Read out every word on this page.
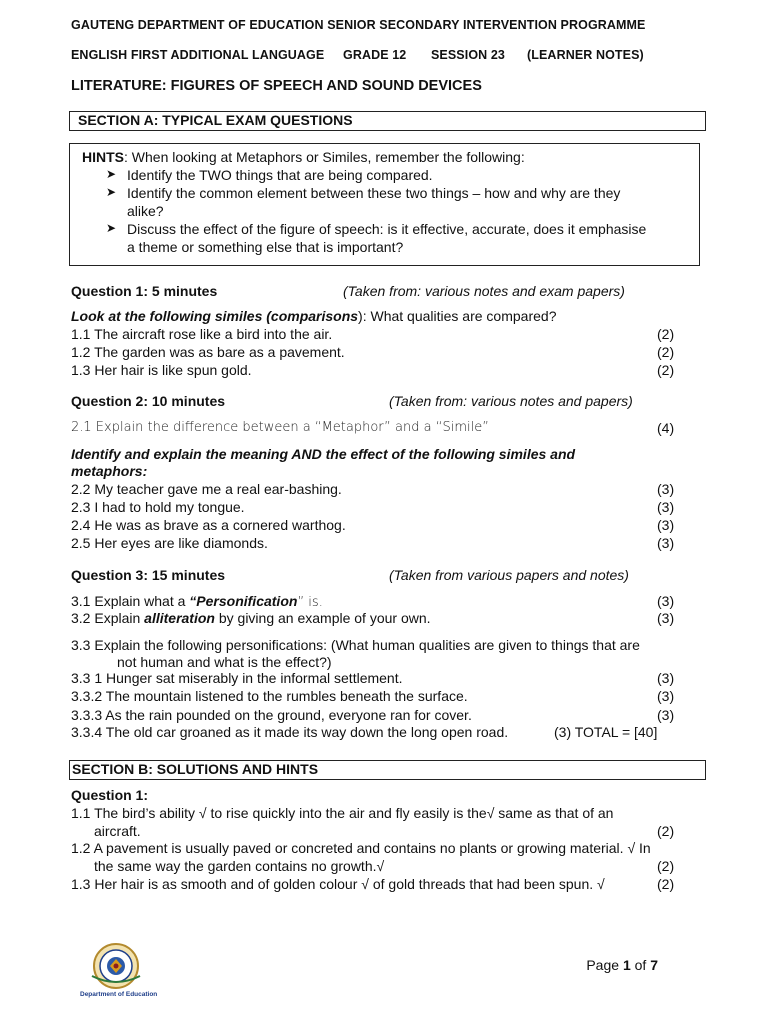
GAUTENG DEPARTMENT OF EDUCATION SENIOR SECONDARY INTERVENTION PROGRAMME
ENGLISH FIRST ADDITIONAL LANGUAGE GRADE 12 SESSION 23 (LEARNER NOTES)
LITERATURE: FIGURES OF SPEECH AND SOUND DEVICES
SECTION A: TYPICAL EXAM QUESTIONS
HINTS: When looking at Metaphors or Similes, remember the following:
➤ Identify the TWO things that are being compared.
➤ Identify the common element between these two things – how and why are they
alike?
➤ Discuss the effect of the figure of speech: is it effective, accurate, does it emphasise
a theme or something else that is important?
Question 1: 5 minutes	(Taken from: various notes and exam papers)
Look at the following similes (comparisons): What qualities are compared?
1.1 The aircraft rose like a bird into the air.	(2)
1.2 The garden was as bare as a pavement.	(2)
1.3 Her hair is like spun gold.	(2)
Question 2: 10 minutes	(Taken from: various notes and papers)
2.1 Explain the difference between a “Metaphor” and a “Simile”	(4)
Identify and explain the meaning AND the effect of the following similes and
metaphors:
2.2 My teacher gave me a real ear-bashing.	(3)
2.3 I had to hold my tongue.	(3)
2.4 He was as brave as a cornered warthog.	(3)
2.5 Her eyes are like diamonds.	(3)
Question 3: 15 minutes	(Taken from various papers and notes)
3.1 Explain what a “Personification” is.	(3)
3.2 Explain alliteration by giving an example of your own.	(3)
3.3 Explain the following personifications: (What human qualities are given to things that are
not human and what is the effect?)
3.3 1 Hunger sat miserably in the informal settlement.	(3)
3.3.2 The mountain listened to the rumbles beneath the surface.	(3)
3.3.3 As the rain pounded on the ground, everyone ran for cover.	(3)
3.3.4 The old car groaned as it made its way down the long open road.	(3) TOTAL = [40]
SECTION B: SOLUTIONS AND HINTS
Question 1:
1.1 The bird’s ability √ to rise quickly into the air and fly easily is the√ same as that of an
aircraft.	(2)
1.2 A pavement is usually paved or concreted and contains no plants or growing material. √ In
the same way the garden contains no growth.√	(2)
1.3 Her hair is as smooth and of golden colour √ of gold threads that had been spun. √	(2)
Department of Education
Page 1 of 7
